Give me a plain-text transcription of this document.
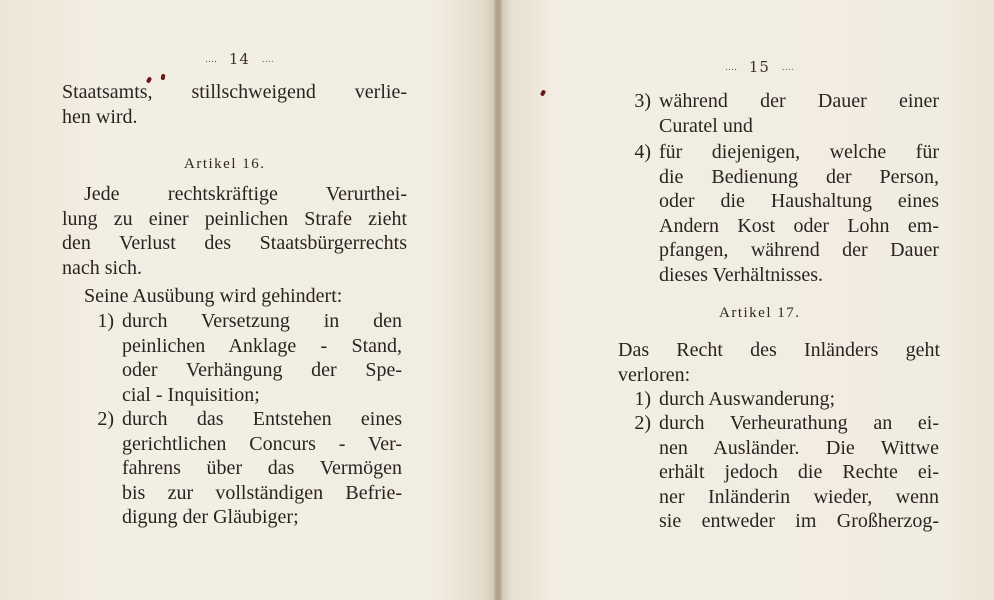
․․․․ 14 ․․․․
Staatsamts, stillschweigend verlie-
hen wird.
Artikel 16.
Jede rechtskräftige Verurthei-
lung zu einer peinlichen Strafe zieht
den Verlust des Staatsbürgerrechts
nach sich.
Seine Ausübung wird gehindert:
1) durch Versetzung in den
peinlichen Anklage - Stand,
oder Verhängung der Spe-
cial - Inquisition;
2) durch das Entstehen eines
gerichtlichen Concurs - Ver-
fahrens über das Vermögen
bis zur vollständigen Befrie-
digung der Gläubiger;
․․․․ 15 ․․․․
3) während der Dauer einer
Curatel und
4) für diejenigen, welche für
die Bedienung der Person,
oder die Haushaltung eines
Andern Kost oder Lohn em-
pfangen, während der Dauer
dieses Verhältnisses.
Artikel 17.
Das Recht des Inländers geht
verloren:
1) durch Auswanderung;
2) durch Verheurathung an ei-
nen Ausländer. Die Wittwe
erhält jedoch die Rechte ei-
ner Inländerin wieder, wenn
sie entweder im Großherzog-
